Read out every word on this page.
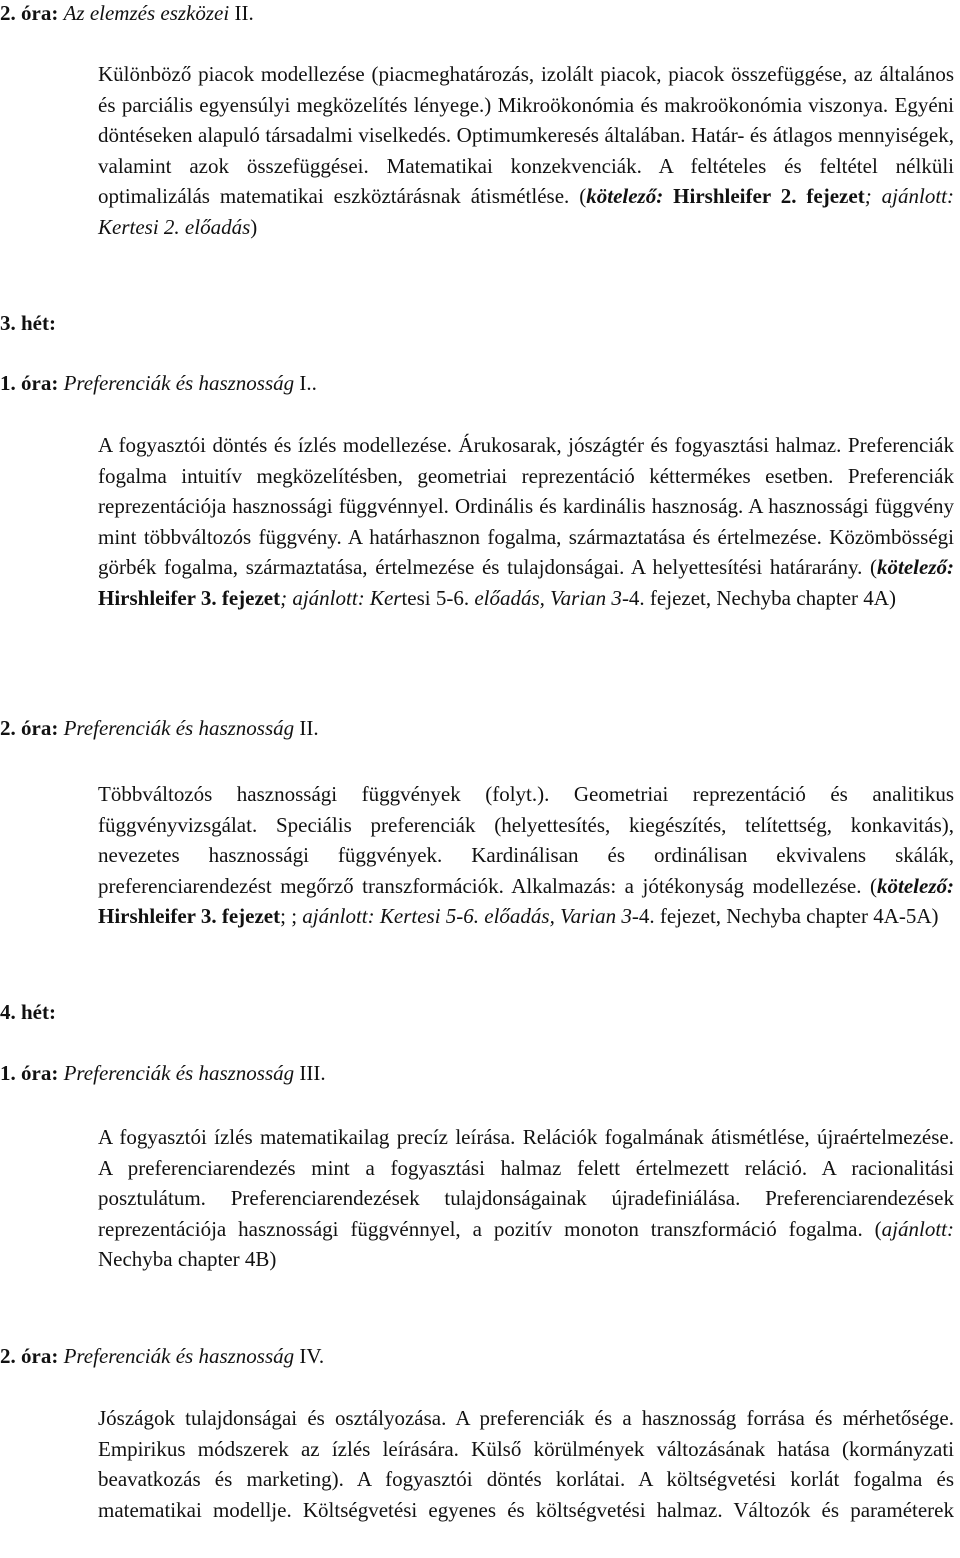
2. óra: Az elemzés eszközei II.
Különböző piacok modellezése (piacmeghatározás, izolált piacok, piacok összefüggése, az általános és parciális egyensúlyi megközelítés lényege.) Mikroökonómia és makroökonómia viszonya. Egyéni döntéseken alapuló társadalmi viselkedés. Optimumkeresés általában. Határ- és átlagos mennyiségek, valamint azok összefüggései. Matematikai konzekvenciák. A feltételes és feltétel nélküli optimalizálás matematikai eszköztárásnak átismétlése. (kötelező: Hirshleifer 2. fejezet; ajánlott: Kertesi 2. előadás)
3. hét:
1. óra: Preferenciák és hasznosság I..
A fogyasztói döntés és ízlés modellezése. Árukosarak, jószágtér és fogyasztási halmaz. Preferenciák fogalma intuitív megközelítésben, geometriai reprezentáció kéttermékes esetben. Preferenciák reprezentációja hasznossági függvénnyel. Ordinális és kardinális hasznoság. A hasznossági függvény mint többváltozós függvény. A határhasznon fogalma, származtatása és értelmezése. Közömbösségi görbék fogalma, származtatása, értelmezése és tulajdonságai. A helyettesítési határarány. (kötelező: Hirshleifer 3. fejezet; ajánlott: Kertesi 5-6. előadás, Varian 3-4. fejezet, Nechyba chapter 4A)
2. óra: Preferenciák és hasznosság II.
Többváltozós hasznossági függvények (folyt.). Geometriai reprezentáció és analitikus függvényvizsgálat. Speciális preferenciák (helyettesítés, kiegészítés, telítettség, konkavitás), nevezetes hasznossági függvények. Kardinálisan és ordinálisan ekvivalens skálák, preferenciarendezést megőrző transzformációk. Alkalmazás: a jótékonyság modellezése. (kötelező: Hirshleifer 3. fejezet; ; ajánlott: Kertesi 5-6. előadás, Varian 3-4. fejezet, Nechyba chapter 4A-5A)
4. hét:
1. óra: Preferenciák és hasznosság III.
A fogyasztói ízlés matematikailag precíz leírása. Relációk fogalmának átismétlése, újraértelmezése. A preferenciarendezés mint a fogyasztási halmaz felett értelmezett reláció. A racionalitási posztulátum. Preferenciarendezések tulajdonságainak újradefiniálása. Preferenciarendezések reprezentációja hasznossági függvénnyel, a pozitív monoton transzformáció fogalma. (ajánlott: Nechyba chapter 4B)
2. óra: Preferenciák és hasznosság IV.
Jószágok tulajdonságai és osztályozása. A preferenciák és a hasznosság forrása és mérhetősége. Empirikus módszerek az ízlés leírására. Külső körülmények változásának hatása (kormányzati beavatkozás és marketing). A fogyasztói döntés korlátai. A költségvetési korlát fogalma és matematikai modellje. Költségvetési egyenes és költségvetési halmaz. Változók és paraméterek
